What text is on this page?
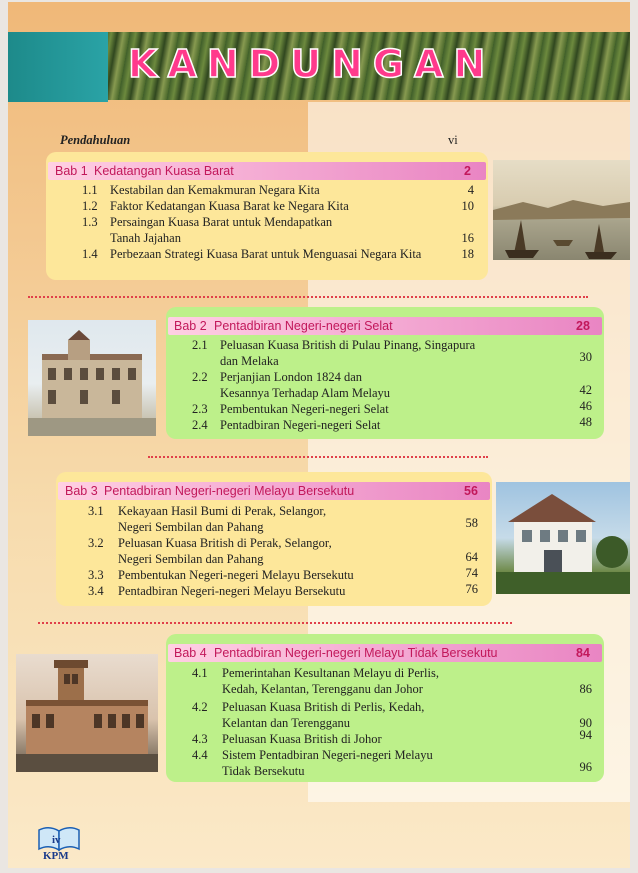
KANDUNGAN
Pendahuluan	vi
Bab 1 Kedatangan Kuasa Barat	2
1.1 Kestabilan dan Kemakmuran Negara Kita	4
1.2 Faktor Kedatangan Kuasa Barat ke Negara Kita	10
1.3 Persaingan Kuasa Barat untuk Mendapatkan
Tanah Jajahan	16
1.4 Perbezaan Strategi Kuasa Barat untuk Menguasai Negara Kita	18
Bab 2 Pentadbiran Negeri-negeri Selat	28
2.1 Peluasan Kuasa British di Pulau Pinang, Singapura
dan Melaka	30
2.2 Perjanjian London 1824 dan
Kesannya Terhadap Alam Melayu	42
2.3 Pembentukan Negeri-negeri Selat	46
2.4 Pentadbiran Negeri-negeri Selat	48
Bab 3 Pentadbiran Negeri-negeri Melayu Bersekutu	56
3.1 Kekayaan Hasil Bumi di Perak, Selangor,
Negeri Sembilan dan Pahang	58
3.2 Peluasan Kuasa British di Perak, Selangor,
Negeri Sembilan dan Pahang	64
3.3 Pembentukan Negeri-negeri Melayu Bersekutu	74
3.4 Pentadbiran Negeri-negeri Melayu Bersekutu	76
Bab 4 Pentadbiran Negeri-negeri Melayu Tidak Bersekutu	84
4.1 Pemerintahan Kesultanan Melayu di Perlis,
Kedah, Kelantan, Terengganu dan Johor	86
4.2 Peluasan Kuasa British di Perlis, Kedah,
Kelantan dan Terengganu	90
4.3 Peluasan Kuasa British di Johor	94
4.4 Sistem Pentadbiran Negeri-negeri Melayu
Tidak Bersekutu	96
iv
KPM
